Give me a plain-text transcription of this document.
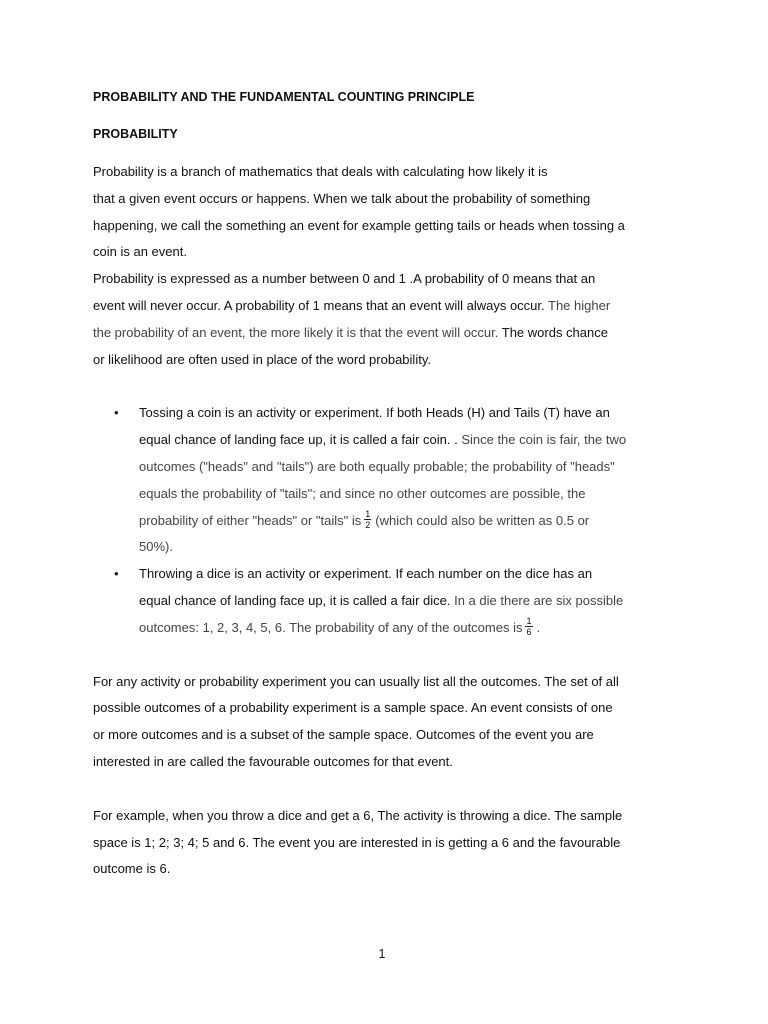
PROBABILITY AND THE FUNDAMENTAL COUNTING PRINCIPLE

PROBABILITY

Probability is a branch of mathematics that deals with calculating how likely it is

that a given event occurs or happens. When we talk about the probability of something

happening, we call the something an event for example getting tails or heads when tossing a

coin is an event.

Probability is expressed as a number between 0 and 1 .A probability of 0 means that an

event will never occur. A probability of 1 means that an event will always occur. The higher

the probability of an event, the more likely it is that the event will occur. The words chance

or likelihood are often used in place of the word probability.

• Tossing a coin is an activity or experiment. If both Heads (H) and Tails (T) have an
equal chance of landing face up, it is called a fair coin. . Since the coin is fair, the two
outcomes ("heads" and "tails") are both equally probable; the probability of "heads"
equals the probability of "tails"; and since no other outcomes are possible, the
probability of either "heads" or "tails" is $\frac{1}{2}$ (which could also be written as 0.5 or
50%).
• Throwing a dice is an activity or experiment. If each number on the dice has an
equal chance of landing face up, it is called a fair dice. In a die there are six possible
outcomes: 1, 2, 3, 4, 5, 6. The probability of any of the outcomes is $\frac{1}{6}$ .

For any activity or probability experiment you can usually list all the outcomes. The set of all

possible outcomes of a probability experiment is a sample space. An event consists of one

or more outcomes and is a subset of the sample space. Outcomes of the event you are

interested in are called the favourable outcomes for that event.

For example, when you throw a dice and get a 6, The activity is throwing a dice. The sample

space is 1; 2; 3; 4; 5 and 6. The event you are interested in is getting a 6 and the favourable

outcome is 6.

1
